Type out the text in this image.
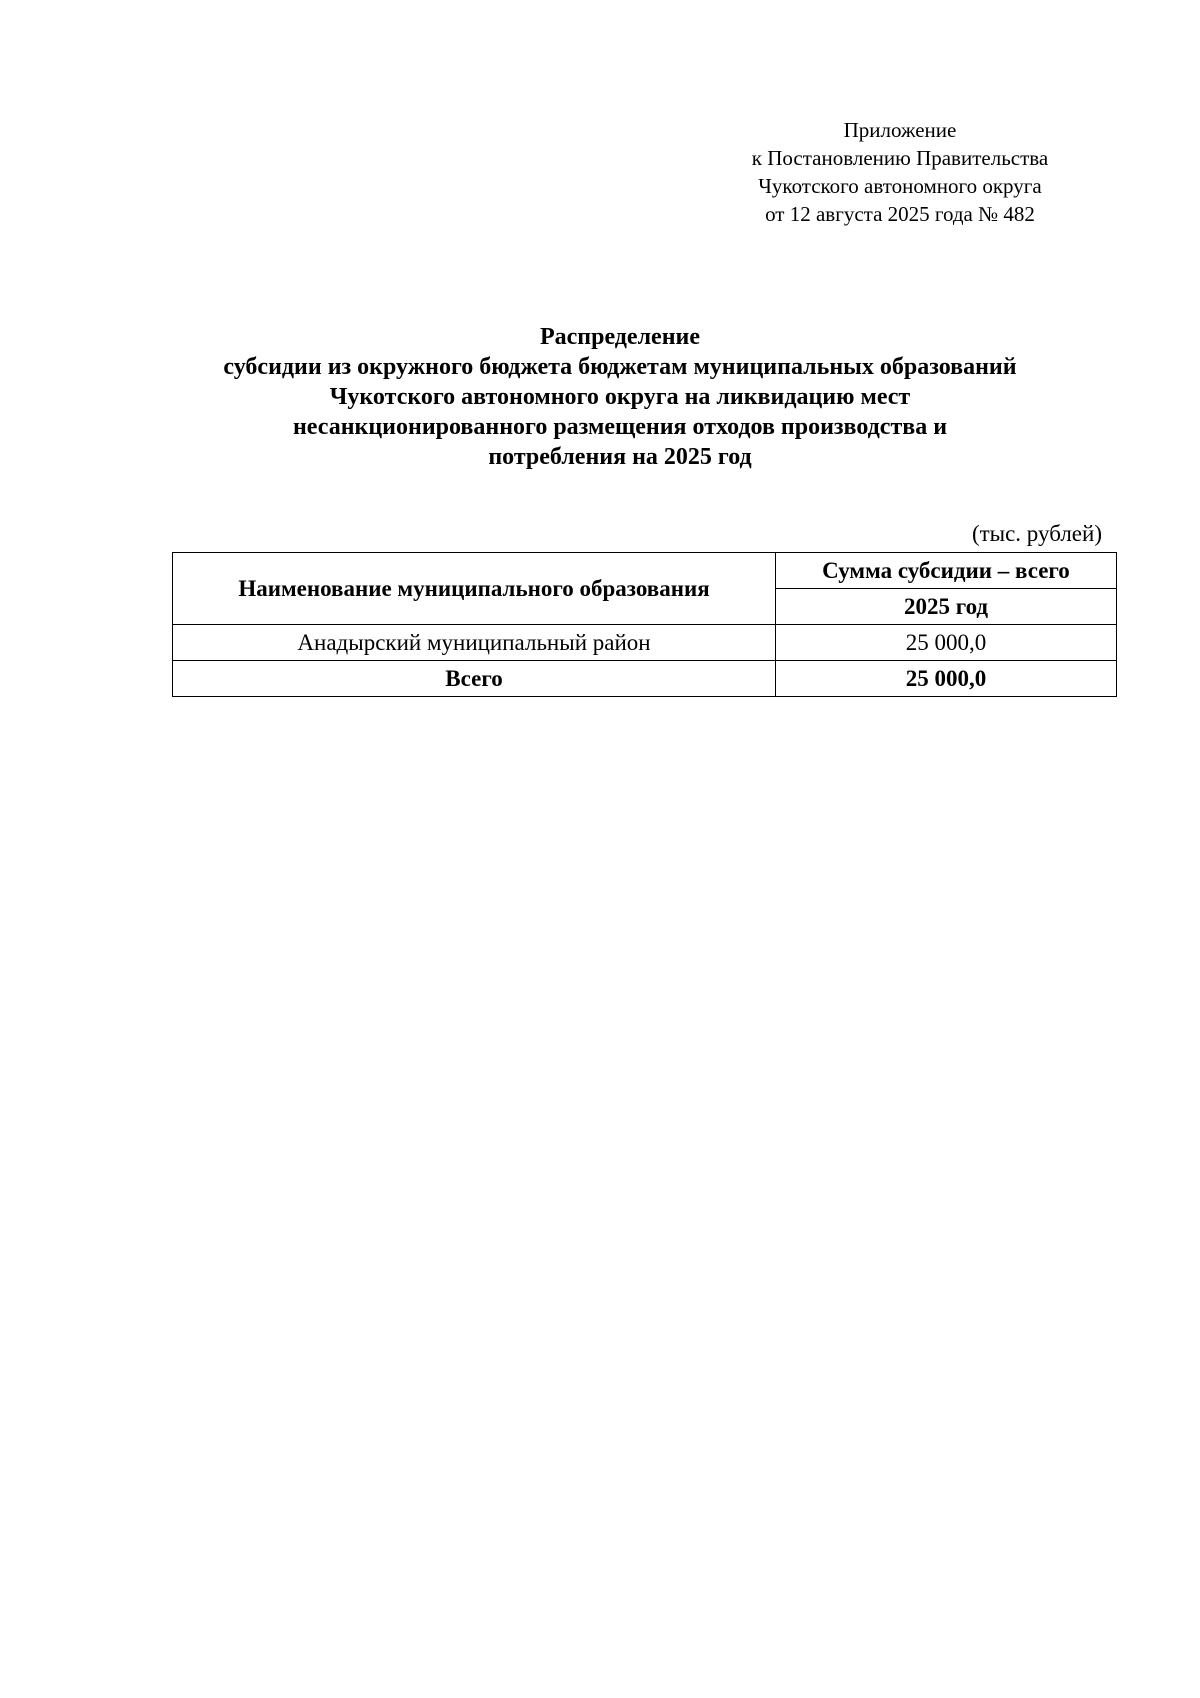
Приложение
к Постановлению Правительства
Чукотского автономного округа
от 12 августа 2025 года № 482
Распределение
субсидии из окружного бюджета бюджетам муниципальных образований
Чукотского автономного округа на ликвидацию мест
несанкционированного размещения отходов производства и
потребления на 2025 год
(тыс. рублей)
Наименование муниципального образования	Сумма субсидии – всего
	2025 год
Анадырский муниципальный район	25 000,0
Всего	25 000,0
